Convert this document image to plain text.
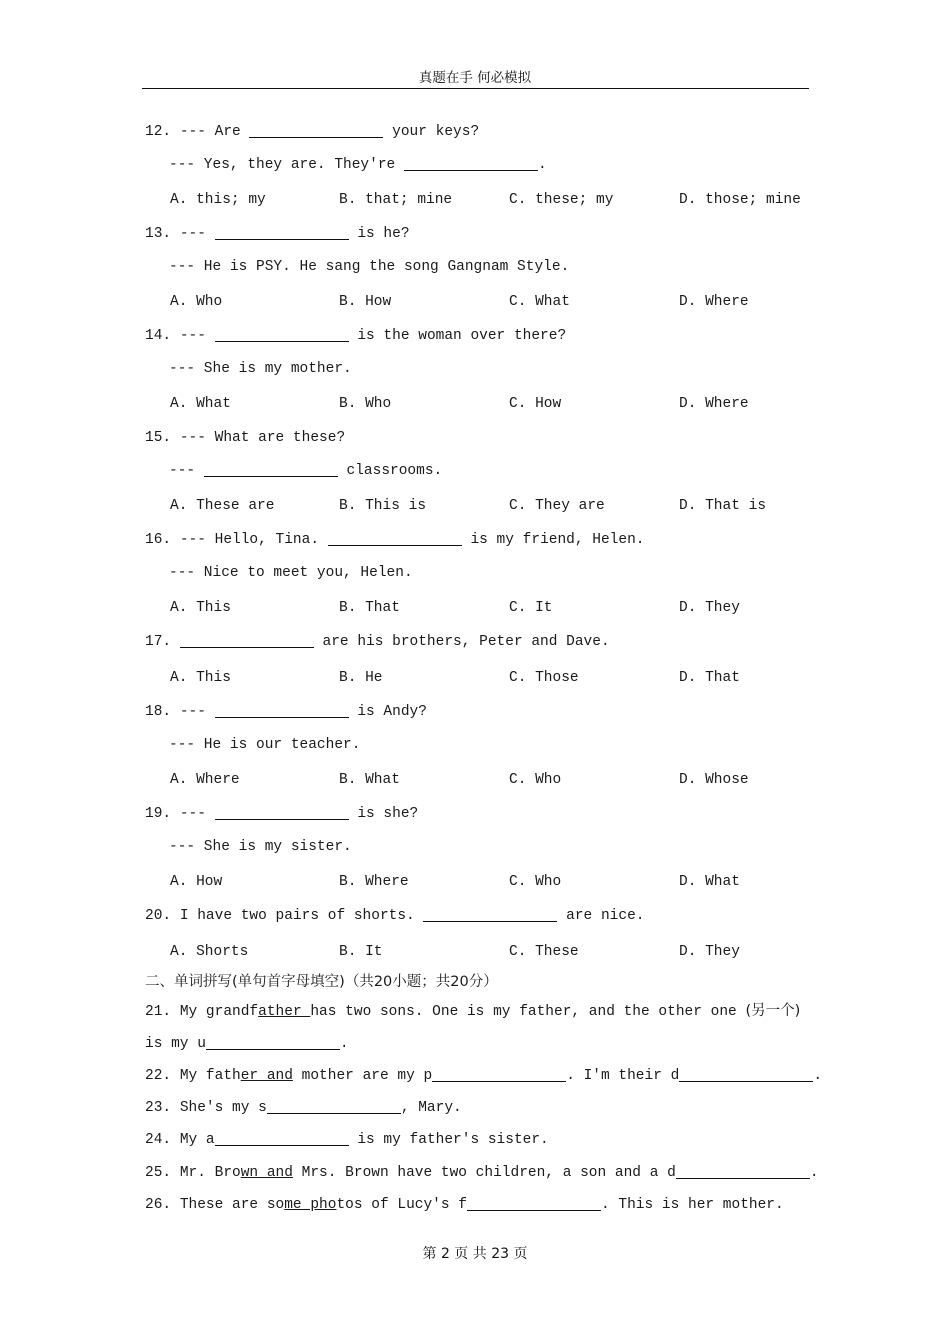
真题在手 何必模拟
12. --- Are	your keys?
--- Yes, they are. They're	.
A. this; my	B. that; mine	C. these; my	D. those; mine
13. ---	is he?
--- He is PSY. He sang the song Gangnam Style.
A. Who	B. How	C. What	D. Where
14. ---	is the woman over there?
--- She is my mother.
A. What	B. Who	C. How	D. Where
15. --- What are these?
---	classrooms.
A. These are	B. This is	C. They are	D. That is
16. --- Hello, Tina.	is my friend, Helen.
--- Nice to meet you, Helen.
A. This	B. That	C. It	D. They
17.	are his brothers, Peter and Dave.
A. This	B. He	C. Those	D. That
18. ---	is Andy?
--- He is our teacher.
A. Where	B. What	C. Who	D. Whose
19. ---	is she?
--- She is my sister.
A. How	B. Where	C. Who	D. What
20. I have two pairs of shorts.	are nice.
A. Shorts	B. It	C. These	D. They
二、单词拼写(单句首字母填空)（共20小题；共20分）
21. My grandfather has two sons. One is my father, and the other one (另一个)
is my u	.
22. My father and mother are my p	. I'm their d	.
23. She's my s	, Mary.
24. My a	is my father's sister.
25. Mr. Brown and Mrs. Brown have two children, a son and a d	.
26. These are some photos of Lucy's f	. This is her mother.
第 2 页 共 23 页
